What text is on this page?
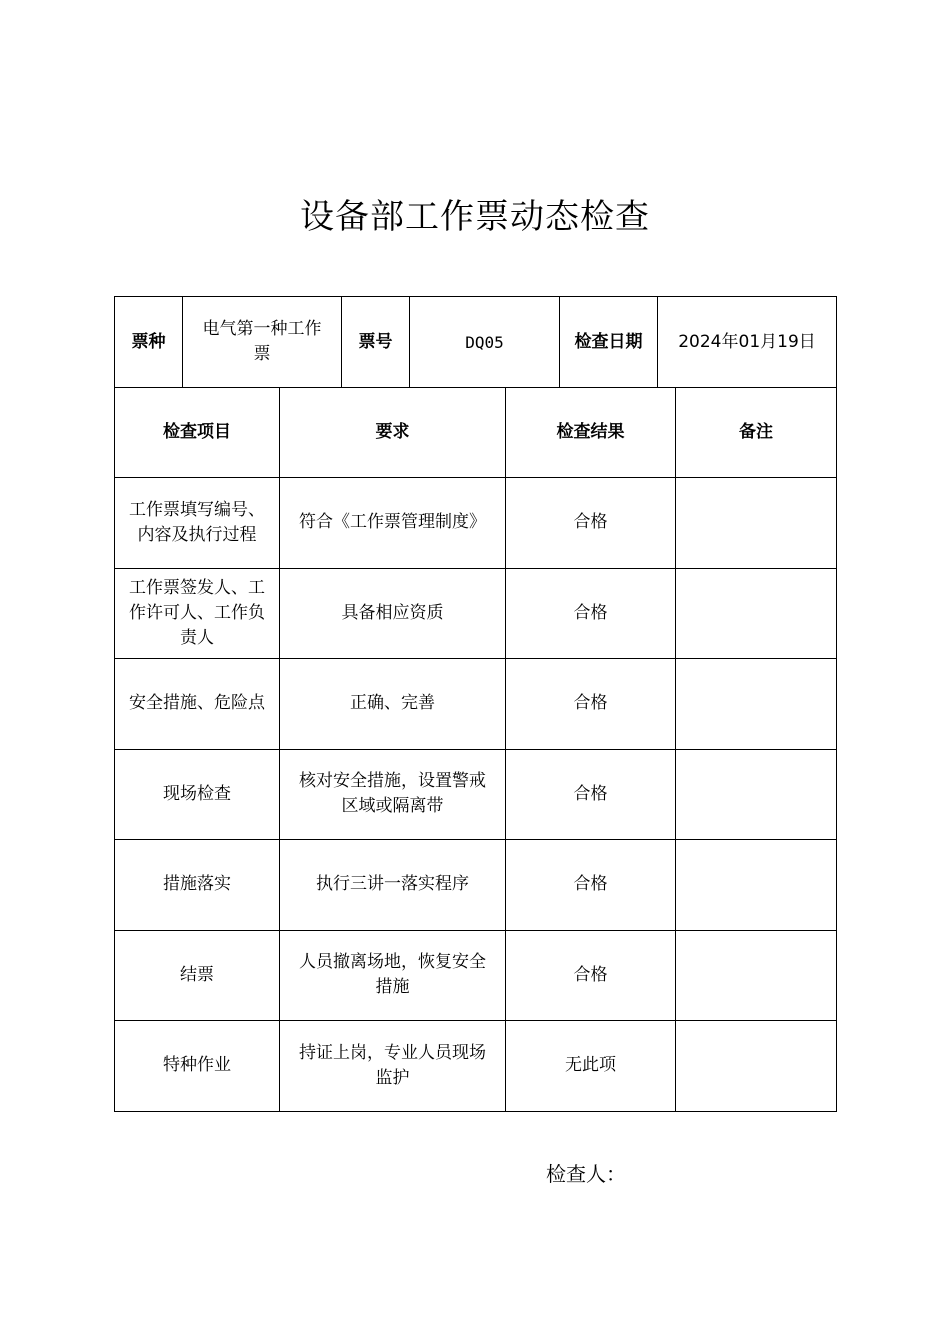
设备部工作票动态检查
票种	电气第一种工作票	票号	DQ05	检查日期	2024年01月19日
检查项目	要求	检查结果	备注
工作票填写编号、内容及执行过程	符合《工作票管理制度》	合格	
工作票签发人、工作许可人、工作负责人	具备相应资质	合格	
安全措施、危险点	正确、完善	合格	
现场检查	核对安全措施，设置警戒区域或隔离带	合格	
措施落实	执行三讲一落实程序	合格	
结票	人员撤离场地，恢复安全措施	合格	
特种作业	持证上岗，专业人员现场监护	无此项	

检查人：
